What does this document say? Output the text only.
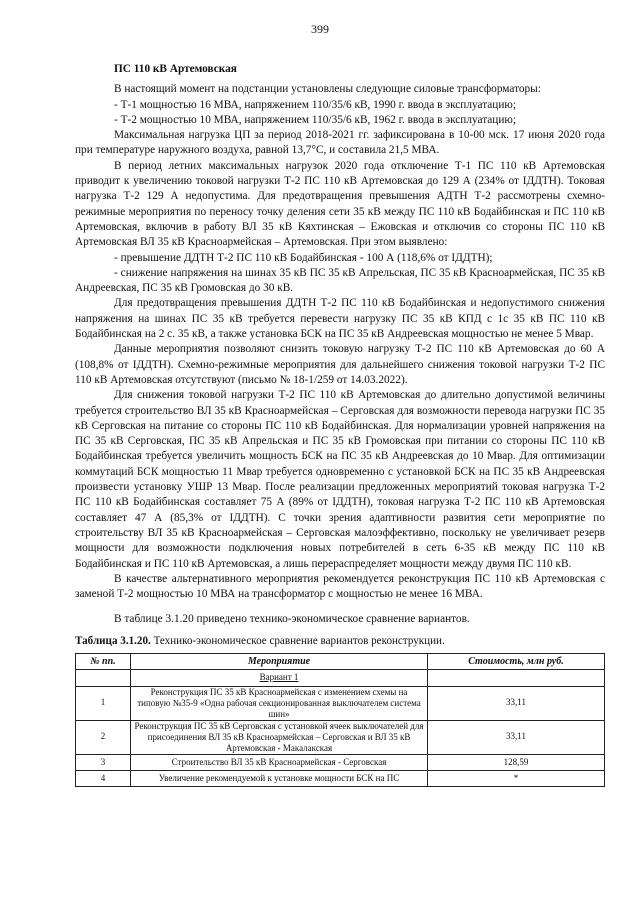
399
ПС 110 кВ Артемовская

В настоящий момент на подстанции установлены следующие силовые трансформаторы:

- Т-1 мощностью 16 МВА, напряжением 110/35/6 кВ, 1990 г. ввода в эксплуатацию;

- Т-2 мощностью 10 МВА, напряжением 110/35/6 кВ, 1962 г. ввода в эксплуатацию;

Максимальная нагрузка ЦП за период 2018-2021 гг. зафиксирована в 10-00 мск. 17 июня 2020 года при температуре наружного воздуха, равной 13,7°С, и составила 21,5 МВА.

В период летних максимальных нагрузок 2020 года отключение Т-1 ПС 110 кВ Артемовская приводит к увеличению токовой нагрузки Т-2 ПС 110 кВ Артемовская до 129 А (234% от ІДДТН). Токовая нагрузка Т-2 129 А недопустима. Для предотвращения превышения АДТН Т-2 рассмотрены схемно-режимные мероприятия по переносу точку деления сети 35 кВ между ПС 110 кВ Бодайбинская и ПС 110 кВ Артемовская, включив в работу ВЛ 35 кВ Кяхтинская – Ежовская и отключив со стороны ПС 110 кВ Артемовская ВЛ 35 кВ Красноармейская – Артемовская. При этом выявлено:

- превышение ДДТН Т-2 ПС 110 кВ Бодайбинская - 100 А (118,6% от ІДДТН);

- снижение напряжения на шинах 35 кВ ПС 35 кВ Апрельская, ПС 35 кВ Красноармейская, ПС 35 кВ Андреевская, ПС 35 кВ Громовская до 30 кВ.

Для предотвращения превышения ДДТН Т-2 ПС 110 кВ Бодайбинская и недопустимого снижения напряжения на шинах ПС 35 кВ требуется перевести нагрузку ПС 35 кВ КПД с 1с 35 кВ ПС 110 кВ Бодайбинская на 2 с. 35 кВ, а также установка БСК на ПС 35 кВ Андреевская мощностью не менее 5 Мвар.

Данные мероприятия позволяют снизить токовую нагрузку Т-2 ПС 110 кВ Артемовская до 60 А (108,8% от ІДДТН). Схемно-режимные мероприятия для дальнейшего снижения токовой нагрузки Т-2 ПС 110 кВ Артемовская отсутствуют (письмо № 18-1/259 от 14.03.2022).

Для снижения токовой нагрузки Т-2 ПС 110 кВ Артемовская до длительно допустимой величины требуется строительство ВЛ 35 кВ Красноармейская – Серговская для возможности перевода нагрузки ПС 35 кВ Серговская на питание со стороны ПС 110 кВ Бодайбинская. Для нормализации уровней напряжения на ПС 35 кВ Серговская, ПС 35 кВ Апрельская и ПС 35 кВ Громовская при питании со стороны ПС 110 кВ Бодайбинская требуется увеличить мощность БСК на ПС 35 кВ Андреевская до 10 Мвар. Для оптимизации коммутаций БСК мощностью 11 Мвар требуется одновременно с установкой БСК на ПС 35 кВ Андреевская произвести установку УШР 13 Мвар. После реализации предложенных мероприятий токовая нагрузка Т-2 ПС 110 кВ Бодайбинская составляет 75 А (89% от ІДДТН), токовая нагрузка Т-2 ПС 110 кВ Артемовская составляет 47 А (85,3% от ІДДТН). С точки зрения адаптивности развития сети мероприятие по строительству ВЛ 35 кВ Красноармейская – Серговская малоэффективно, поскольку не увеличивает резерв мощности для возможности подключения новых потребителей в сеть 6-35 кВ между ПС 110 кВ Бодайбинская и ПС 110 кВ Артемовская, а лишь перераспределяет мощности между двумя ПС 110 кВ.

В качестве альтернативного мероприятия рекомендуется реконструкция ПС 110 кВ Артемовская с заменой Т-2 мощностью 10 МВА на трансформатор с мощностью не менее 16 МВА.

В таблице 3.1.20 приведено технико-экономическое сравнение вариантов.

Таблица 3.1.20. Технико-экономическое сравнение вариантов реконструкции.
№ пп.	Мероприятие	Стоимость, млн руб.
	Вариант 1	
1	Реконструкция ПС 35 кВ Красноармейская с изменением схемы на типовую №35-9 «Одна рабочая секционированная выключателем система шин»	33,11
2	Реконструкция ПС 35 кВ Серговская с установкой ячеек выключателей для присоединения ВЛ 35 кВ Красноармейская – Серговская и ВЛ 35 кВ Артемовская - Макалакская	33,11
3	Строительство ВЛ 35 кВ Красноармейская - Серговская	128,59
4	Увеличение рекомендуемой к установке мощности БСК на ПС	*
